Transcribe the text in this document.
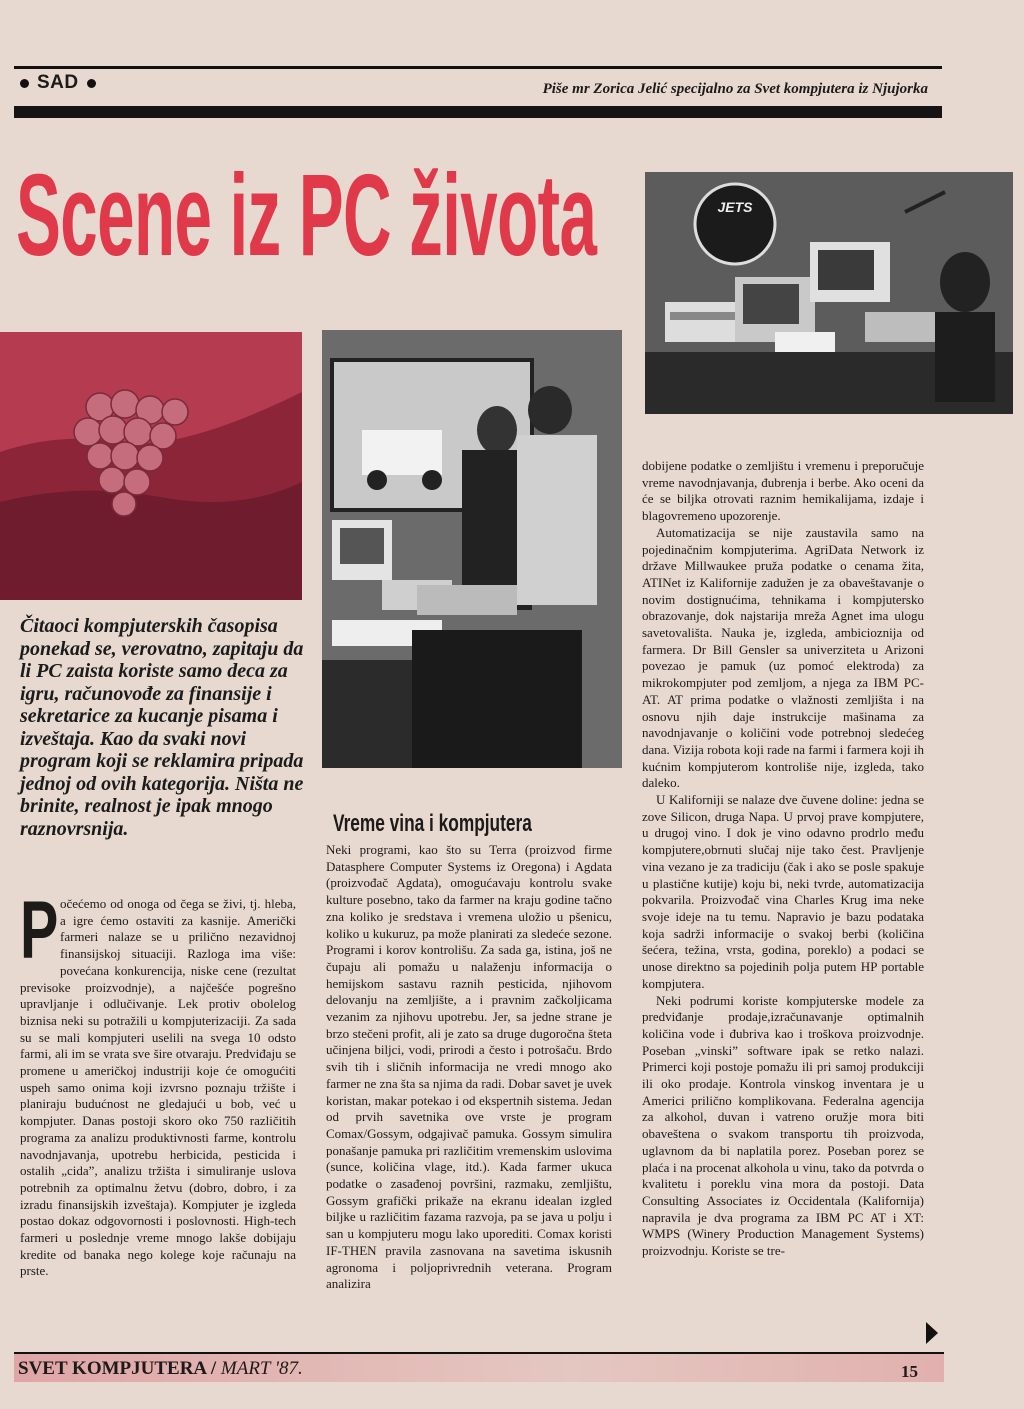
SAD	Piše mr Zorica Jelić specijalno za Svet kompjutera iz Njujorka
Scene iz PC života	JETS

Čitaoci kompjuterskih časopisa ponekad se, verovatno, zapitaju da li PC zaista koriste samo deca za igru, računovođe za finansije i sekretarice za kucanje pisama i izveštaja. Kao da svaki novi program koji se reklamira pripada jednoj od ovih kategorija. Ništa ne brinite, realnost je ipak mnogo raznovrsnija.

Počećemo od onoga od čega se živi, tj. hleba, a igre ćemo ostaviti za kasnije. Američki farmeri nalaze se u prilično nezavidnoj finansijskoj situaciji. Razloga ima više: povećana konkurencija, niske cene (rezultat previsoke proizvodnje), a najčešće pogrešno upravljanje i odlučivanje. Lek protiv obolelog biznisa neki su potražili u kompjuterizaciji. Za sada su se mali kompjuteri uselili na svega 10 odsto farmi, ali im se vrata sve šire otvaraju. Predviđaju se promene u američkoj industriji koje će omogućiti uspeh samo onima koji izvrsno poznaju tržište i planiraju budućnost ne gledajući u bob, već u kompjuter. Danas postoji skoro oko 750 različitih programa za analizu produktivnosti farme, kontrolu navodnjavanja, upotrebu herbicida, pesticida i ostalih „cida”, analizu tržišta i simuliranje uslova potrebnih za optimalnu žetvu (dobro, dobro, i za izradu finansijskih izveštaja). Kompjuter je izgleda postao dokaz odgovornosti i poslovnosti. High-tech farmeri u poslednje vreme mnogo lakše dobijaju kredite od banaka nego kolege koje računaju na prste.
Vreme vina i kompjutera

Neki programi, kao što su Terra (proizvod firme Datasphere Computer Systems iz Oregona) i Agdata (proizvođač Agdata), omogućavaju kontrolu svake kulture posebno, tako da farmer na kraju godine tačno zna koliko je sredstava i vremena uložio u pšenicu, koliko u kukuruz, pa može planirati za sledeće sezone. Programi i korov kontrolišu. Za sada ga, istina, još ne čupaju ali pomažu u nalaženju informacija o hemijskom sastavu raznih pesticida, njihovom delovanju na zemljište, a i pravnim začkoljicama vezanim za njihovu upotrebu. Jer, sa jedne strane je brzo stečeni profit, ali je zato sa druge dugoročna šteta učinjena biljci, vodi, prirodi a često i potrošaču. Brdo svih tih i sličnih informacija ne vredi mnogo ako farmer ne zna šta sa njima da radi. Dobar savet je uvek koristan, makar potekao i od ekspertnih sistema. Jedan od prvih savetnika ove vrste je program Comax/Gossym, odgajivač pamuka. Gossym simulira ponašanje pamuka pri različitim vremenskim uslovima (sunce, količina vlage, itd.). Kada farmer ukuca podatke o zasađenoj površini, razmaku, zemljištu, Gossym grafički prikaže na ekranu idealan izgled biljke u različitim fazama razvoja, pa se java u polju i san u kompjuteru mogu lako uporediti. Comax koristi IF-THEN pravila zasnovana na savetima iskusnih agronoma i poljoprivrednih veterana. Program analizira

dobijene podatke o zemljištu i vremenu i preporučuje vreme navodnjavanja, đubrenja i berbe. Ako oceni da će se biljka otrovati raznim hemikalijama, izdaje i blagovremeno upozorenje.

Automatizacija se nije zaustavila samo na pojedinačnim kompjuterima. AgriData Network iz države Millwaukee pruža podatke o cenama žita, ATINet iz Kalifornije zadužen je za obaveštavanje o novim dostignućima, tehnikama i kompjutersko obrazovanje, dok najstarija mreža Agnet ima ulogu savetovališta. Nauka je, izgleda, ambicioznija od farmera. Dr Bill Gensler sa univerziteta u Arizoni povezao je pamuk (uz pomoć elektroda) za mikrokompjuter pod zemljom, a njega za IBM PC-AT. AT prima podatke o vlažnosti zemljišta i na osnovu njih daje instrukcije mašinama za navodnjavanje o količini vode potrebnoj sledećeg dana. Vizija robota koji rade na farmi i farmera koji ih kućnim kompjuterom kontroliše nije, izgleda, tako daleko.

U Kaliforniji se nalaze dve čuvene doline: jedna se zove Silicon, druga Napa. U prvoj prave kompjutere, u drugoj vino. I dok je vino odavno prodrlo među kompjutere,obrnuti slučaj nije tako čest. Pravljenje vina vezano je za tradiciju (čak i ako se posle spakuje u plastične kutije) koju bi, neki tvrde, automatizacija pokvarila. Proizvođač vina Charles Krug ima neke svoje ideje na tu temu. Napravio je bazu podataka koja sadrži informacije o svakoj berbi (količina šećera, težina, vrsta, godina, poreklo) a podaci se unose direktno sa pojedinih polja putem HP portable kompjutera.

Neki podrumi koriste kompjuterske modele za predviđanje prodaje,izračunavanje optimalnih količina vode i đubriva kao i troškova proizvodnje. Poseban „vinski” software ipak se retko nalazi. Primerci koji postoje pomažu ili pri samoj produkciji ili oko prodaje. Kontrola vinskog inventara je u Americi prilično komplikovana. Federalna agencija za alkohol, duvan i vatreno oružje mora biti obaveštena o svakom transportu tih proizvoda, uglavnom da bi naplatila porez. Poseban porez se plaća i na procenat alkohola u vinu, tako da potvrda o kvalitetu i poreklu vina mora da postoji. Data Consulting Associates iz Occidentala (Kalifornija) napravila je dva programa za IBM PC AT i XT: WMPS (Winery Production Management Systems) proizvodnju. Koriste se tre-

SVET KOMPJUTERA / MART '87.	15
